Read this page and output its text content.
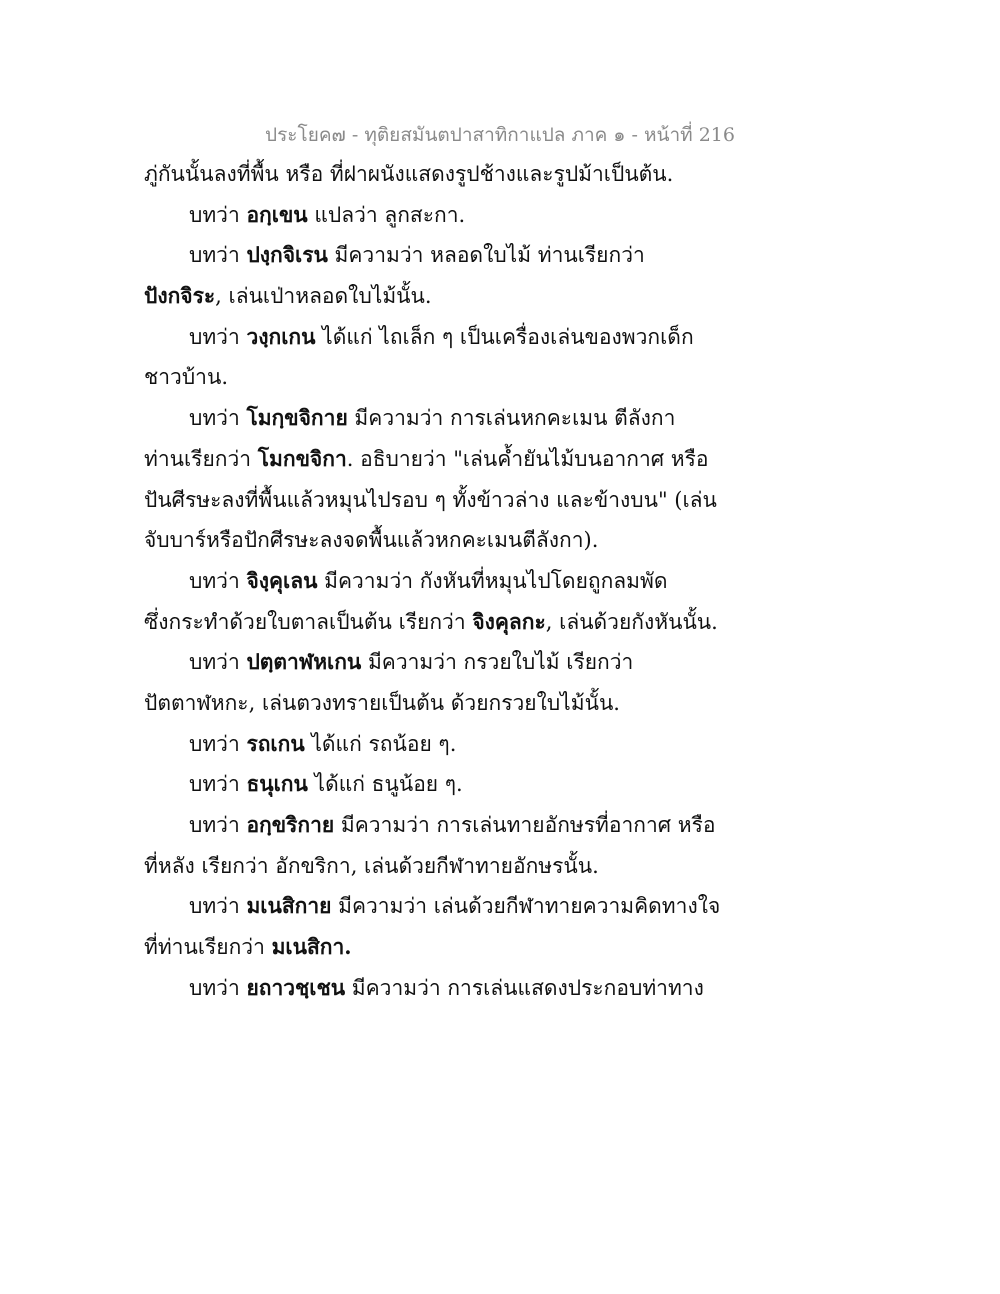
ประโยค๗ - ทุติยสมันตปาสาทิกาแปล ภาค ๑ - หน้าที่ 216
ภู่กันนั้นลงที่พื้น หรือ ที่ฝาผนังแสดงรูปช้างและรูปม้าเป็นต้น.
บทว่า อกฺเขน แปลว่า ลูกสะกา.
บทว่า ปงฺกจิเรน มีความว่า หลอดใบไม้ ท่านเรียกว่า
ปังกจิระ, เล่นเป่าหลอดใบไม้นั้น.
บทว่า วงฺกเกน ได้แก่ ไถเล็ก ๆ เป็นเครื่องเล่นของพวกเด็ก
ชาวบ้าน.
บทว่า โมกฺขจิกาย มีความว่า การเล่นหกคะเมน ตีลังกา
ท่านเรียกว่า โมกขจิกา. อธิบายว่า "เล่นค้ำยันไม้บนอากาศ หรือ
ปันศีรษะลงที่พื้นแล้วหมุนไปรอบ ๆ ทั้งข้าวล่าง และข้างบน" (เล่น
จับบาร์หรือปักศีรษะลงจดพื้นแล้วหกคะเมนตีลังกา).
บทว่า จิงฺคุเลน มีความว่า กังหันที่หมุนไปโดยถูกลมพัด
ซึ่งกระทำด้วยใบตาลเป็นต้น เรียกว่า จิงคุลกะ, เล่นด้วยกังหันนั้น.
บทว่า ปตฺตาฬหเกน มีความว่า กรวยใบไม้ เรียกว่า
ปัตตาฬหกะ, เล่นตวงทรายเป็นต้น ด้วยกรวยใบไม้นั้น.
บทว่า รถเกน ได้แก่ รถน้อย ๆ.
บทว่า ธนุเกน ได้แก่ ธนูน้อย ๆ.
บทว่า อกฺขริกาย มีความว่า การเล่นทายอักษรที่อากาศ หรือ
ที่หลัง เรียกว่า อักขริกา, เล่นด้วยกีฬาทายอักษรนั้น.
บทว่า มเนสิกาย มีความว่า เล่นด้วยกีฬาทายความคิดทางใจ
ที่ท่านเรียกว่า มเนสิกา.
บทว่า ยถาวชฺเชน มีความว่า การเล่นแสดงประกอบท่าทาง
